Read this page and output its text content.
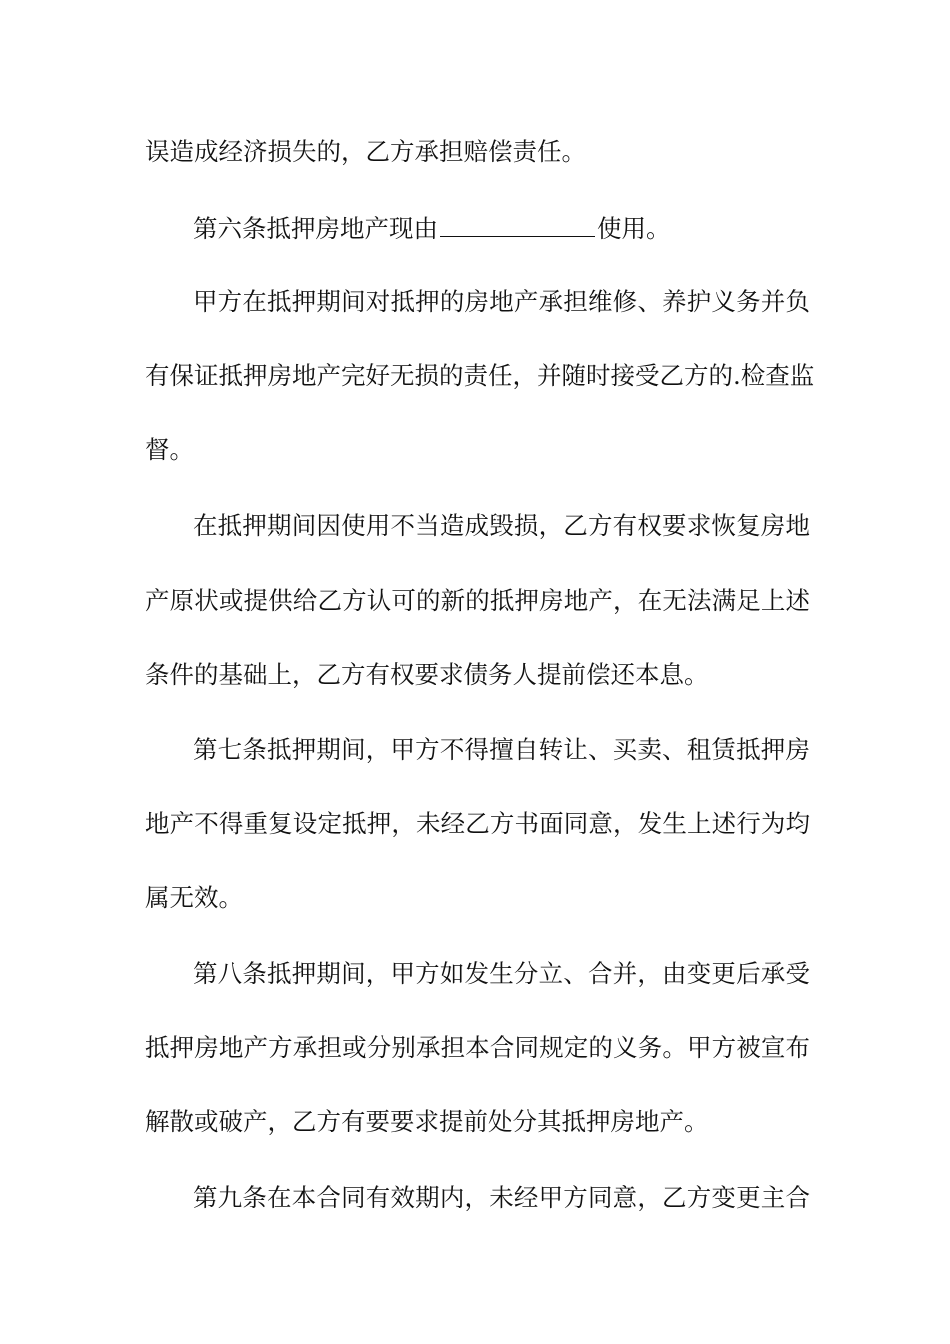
误造成经济损失的，乙方承担赔偿责任。
第六条抵押房地产现由	使用。
甲方在抵押期间对抵押的房地产承担维修、养护义务并负
有保证抵押房地产完好无损的责任，并随时接受乙方的.检查监
督。
在抵押期间因使用不当造成毁损，乙方有权要求恢复房地
产原状或提供给乙方认可的新的抵押房地产，在无法满足上述
条件的基础上，乙方有权要求债务人提前偿还本息。
第七条抵押期间，甲方不得擅自转让、买卖、租赁抵押房
地产不得重复设定抵押，未经乙方书面同意，发生上述行为均
属无效。
第八条抵押期间，甲方如发生分立、合并，由变更后承受
抵押房地产方承担或分别承担本合同规定的义务。甲方被宣布
解散或破产，乙方有要要求提前处分其抵押房地产。
第九条在本合同有效期内，未经甲方同意，乙方变更主合
